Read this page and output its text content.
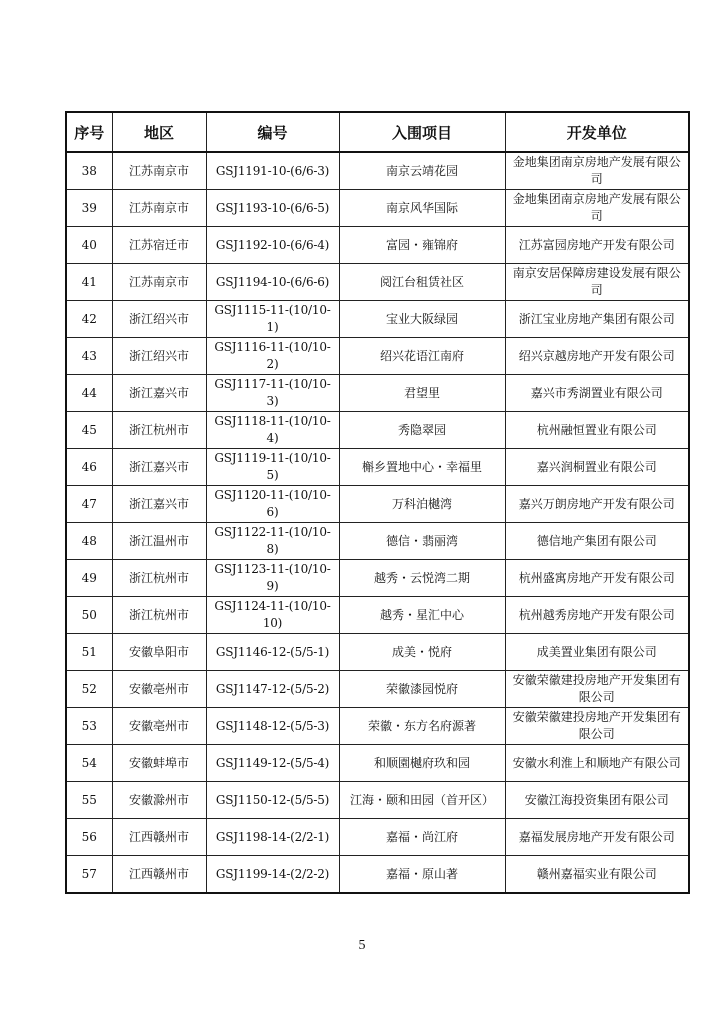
序号	地区	编号	入围项目	开发单位
38	江苏南京市	GSJ1191-10-(6/6-3)	南京云靖花园	金地集团南京房地产发展有限公司
39	江苏南京市	GSJ1193-10-(6/6-5)	南京风华国际	金地集团南京房地产发展有限公司
40	江苏宿迁市	GSJ1192-10-(6/6-4)	富园・雍锦府	江苏富园房地产开发有限公司
41	江苏南京市	GSJ1194-10-(6/6-6)	阅江台租赁社区	南京安居保障房建设发展有限公司
42	浙江绍兴市	GSJ1115-11-(10/10-1)	宝业大阪绿园	浙江宝业房地产集团有限公司
43	浙江绍兴市	GSJ1116-11-(10/10-2)	绍兴花语江南府	绍兴京越房地产开发有限公司
44	浙江嘉兴市	GSJ1117-11-(10/10-3)	君望里	嘉兴市秀湖置业有限公司
45	浙江杭州市	GSJ1118-11-(10/10-4)	秀隐翠园	杭州融恒置业有限公司
46	浙江嘉兴市	GSJ1119-11-(10/10-5)	槲乡置地中心・幸福里	嘉兴润桐置业有限公司
47	浙江嘉兴市	GSJ1120-11-(10/10-6)	万科泊樾湾	嘉兴万朗房地产开发有限公司
48	浙江温州市	GSJ1122-11-(10/10-8)	德信・翡丽湾	德信地产集团有限公司
49	浙江杭州市	GSJ1123-11-(10/10-9)	越秀・云悦湾二期	杭州盛寓房地产开发有限公司
50	浙江杭州市	GSJ1124-11-(10/10-10)	越秀・星汇中心	杭州越秀房地产开发有限公司
51	安徽阜阳市	GSJ1146-12-(5/5-1)	成美・悦府	成美置业集团有限公司
52	安徽亳州市	GSJ1147-12-(5/5-2)	荣徽漆园悦府	安徽荣徽建投房地产开发集团有限公司
53	安徽亳州市	GSJ1148-12-(5/5-3)	荣徽・东方名府源著	安徽荣徽建投房地产开发集团有限公司
54	安徽蚌埠市	GSJ1149-12-(5/5-4)	和顺園樾府玖和园	安徽水利淮上和顺地产有限公司
55	安徽滁州市	GSJ1150-12-(5/5-5)	江海・颐和田园（首开区）	安徽江海投资集团有限公司
56	江西赣州市	GSJ1198-14-(2/2-1)	嘉福・尚江府	嘉福发展房地产开发有限公司
57	江西赣州市	GSJ1199-14-(2/2-2)	嘉福・原山著	赣州嘉福实业有限公司
5
